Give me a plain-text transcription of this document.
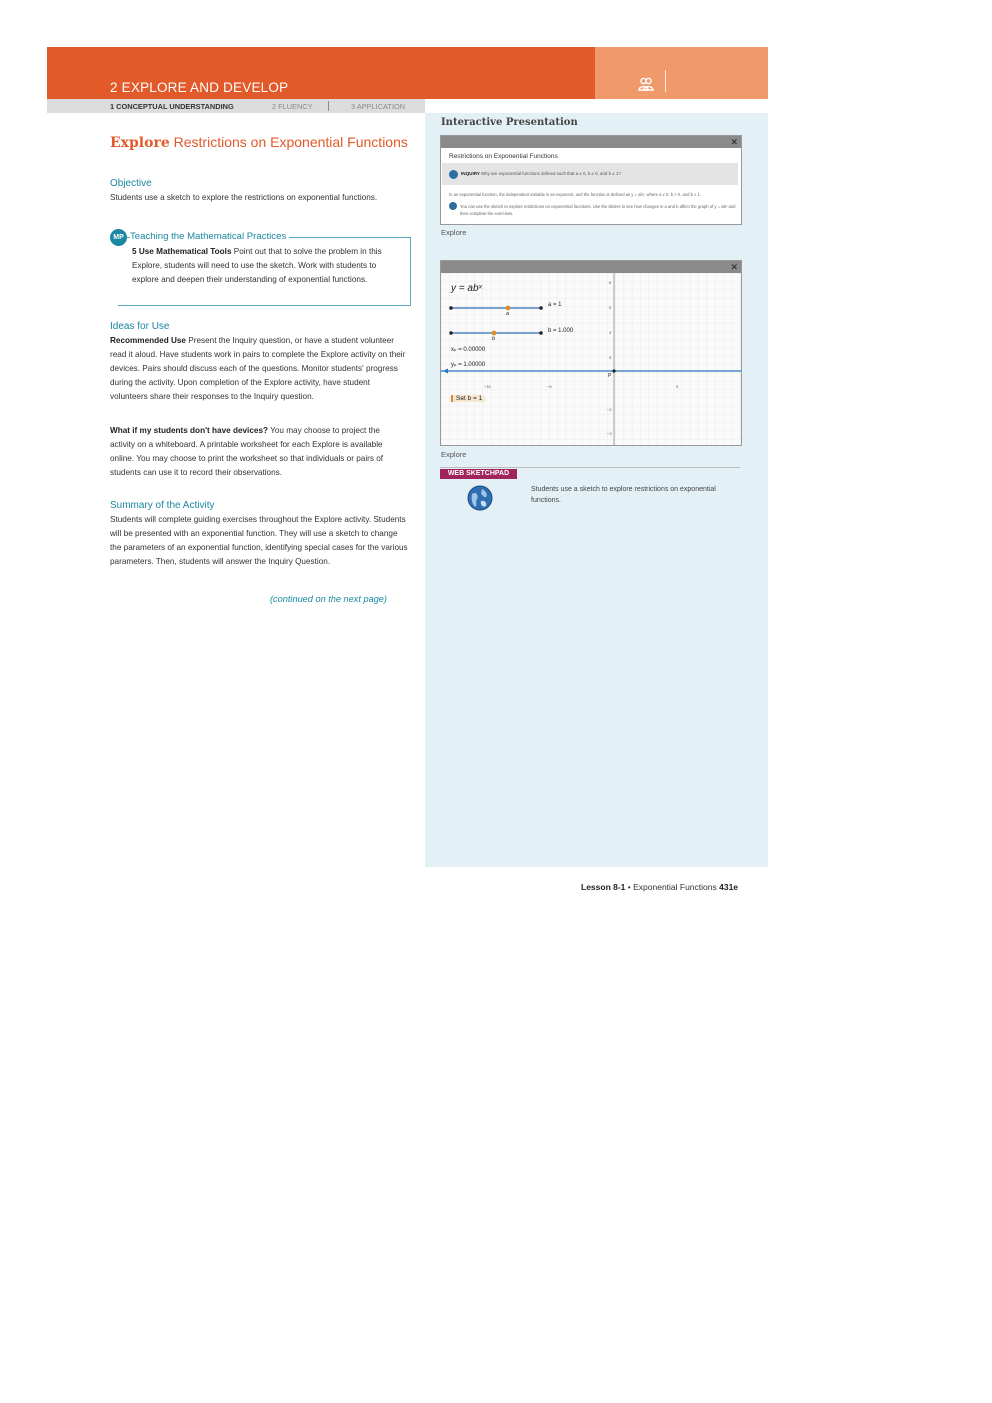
2 EXPLORE AND DEVELOP
1 CONCEPTUAL UNDERSTANDING	2 FLUENCY	3 APPLICATION
Explore Restrictions on Exponential Functions
Objective
Students use a sketch to explore the restrictions on exponential functions.
MP Teaching the Mathematical Practices
5 Use Mathematical Tools Point out that to solve the problem in this Explore, students will need to use the sketch. Work with students to explore and deepen their understanding of exponential functions.
Ideas for Use
Recommended Use Present the Inquiry question, or have a student volunteer read it aloud. Have students work in pairs to complete the Explore activity on their devices. Pairs should discuss each of the questions. Monitor students' progress during the activity. Upon completion of the Explore activity, have student volunteers share their responses to the Inquiry question.
What if my students don't have devices? You may choose to project the activity on a whiteboard. A printable worksheet for each Explore is available online. You may choose to print the worksheet so that individuals or pairs of students can use it to record their observations.
Summary of the Activity
Students will complete guiding exercises throughout the Explore activity. Students will be presented with an exponential function. They will use a sketch to change the parameters of an exponential function, identifying special cases for the various parameters. Then, students will answer the Inquiry Question.
(continued on the next page)
Interactive Presentation
✕
Restrictions on Exponential Functions
INQUIRY Why are exponential functions defined such that a ≠ 0, b ≠ 0, and b ≠ 1?
In an exponential function, the independent variable is an exponent, and the function is defined as y = abˣ, where a ≠ 0, b > 0, and b ≠ 1.
You can use the sketch to explore restrictions on exponential functions. Use the sliders to see how changes in a and b affect the graph of y = abˣ and then complete the exercises.
Explore
✕
y = abˣ
a
a = 1
b
b = 1.000
xₚ = 0.00000
yₚ = 1.00000
P
Set b = 1
−10	−5	5
6
5
4
3
−2
−3
Explore
WEB SKETCHPAD
Students use a sketch to explore restrictions on exponential functions.
Lesson 8-1 • Exponential Functions 431e
